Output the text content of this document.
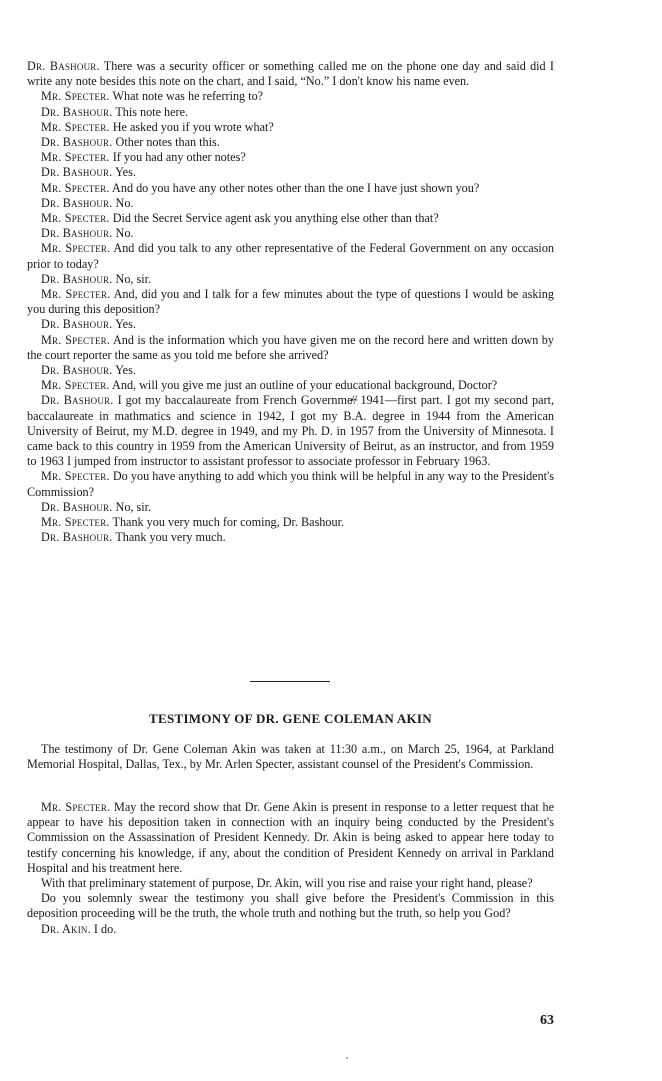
Dr. Bashour. There was a security officer or something called me on the phone one day and said did I write any note besides this note on the chart, and I said, “No.” I don't know his name even.

Mr. Specter. What note was he referring to?

Dr. Bashour. This note here.

Mr. Specter. He asked you if you wrote what?

Dr. Bashour. Other notes than this.

Mr. Specter. If you had any other notes?

Dr. Bashour. Yes.

Mr. Specter. And do you have any other notes other than the one I have just shown you?

Dr. Bashour. No.

Mr. Specter. Did the Secret Service agent ask you anything else other than that?

Dr. Bashour. No.

Mr. Specter. And did you talk to any other representative of the Federal Government on any occasion prior to today?

Dr. Bashour. No, sir.

Mr. Specter. And, did you and I talk for a few minutes about the type of questions I would be asking you during this deposition?

Dr. Bashour. Yes.

Mr. Specter. And is the information which you have given me on the record here and written down by the court reporter the same as you told me before she arrived?

Dr. Bashour. Yes.

Mr. Specter. And, will you give me just an outline of your educational background, Doctor?

Dr. Bashour. I got my baccalaureate from French Governme̴̸ ̴̸ 1941—first part. I got my second part, baccalaureate in mathmatics and science in 1942, I got my B.A. degree in 1944 from the American University of Beirut, my M.D. degree in 1949, and my Ph. D. in 1957 from the University of Minnesota. I came back to this country in 1959 from the American University of Beirut, as an instructor, and from 1959 to 1963 I jumped from instructor to assistant professor to associate professor in February 1963.

Mr. Specter. Do you have anything to add which you think will be helpful in any way to the President's Commission?

Dr. Bashour. No, sir.

Mr. Specter. Thank you very much for coming, Dr. Bashour.

Dr. Bashour. Thank you very much.

TESTIMONY OF DR. GENE COLEMAN AKIN

The testimony of Dr. Gene Coleman Akin was taken at 11:30 a.m., on March 25, 1964, at Parkland Memorial Hospital, Dallas, Tex., by Mr. Arlen Specter, assistant counsel of the President's Commission.

Mr. Specter. May the record show that Dr. Gene Akin is present in response to a letter request that he appear to have his deposition taken in connection with an inquiry being conducted by the President's Commission on the Assassination of President Kennedy. Dr. Akin is being asked to appear here today to testify concerning his knowledge, if any, about the condition of President Kennedy on arrival in Parkland Hospital and his treatment here.

With that preliminary statement of purpose, Dr. Akin, will you rise and raise your right hand, please?

Do you solemnly swear the testimony you shall give before the President's Commission in this deposition proceeding will be the truth, the whole truth and nothing but the truth, so help you God?

Dr. Akin. I do.

63
